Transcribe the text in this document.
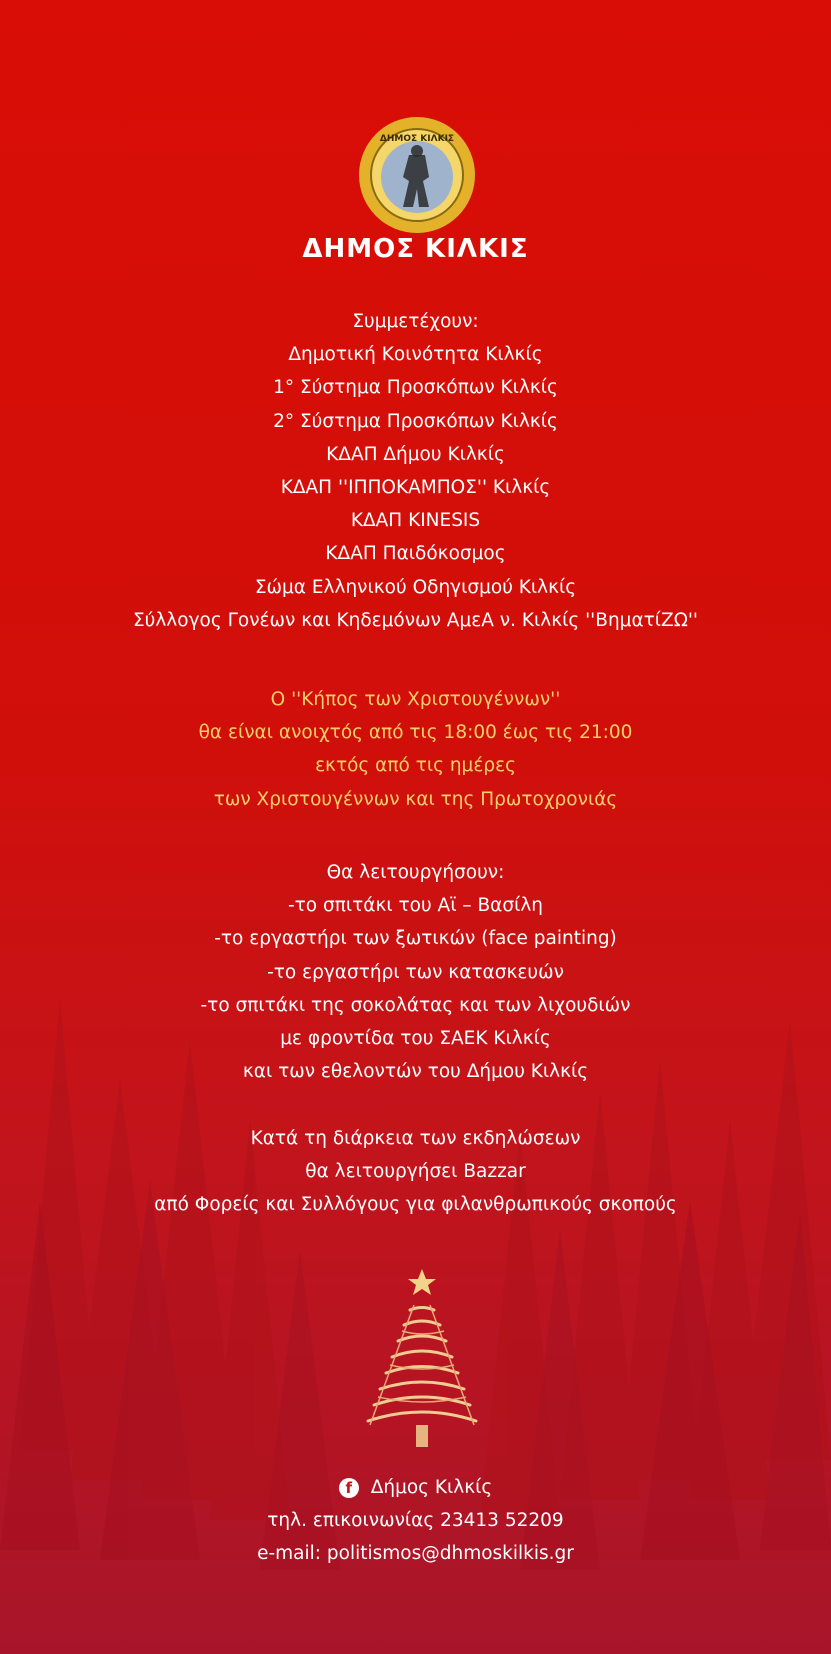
ΔΗΜΟΣ ΚΙΛΚΙΣ
ΔΗΜΟΣ ΚΙΛΚΙΣ
Συμμετέχουν:
Δημοτική Κοινότητα Κιλκίς
1° Σύστημα Προσκόπων Κιλκίς
2° Σύστημα Προσκόπων Κιλκίς
ΚΔΑΠ Δήμου Κιλκίς
ΚΔΑΠ ''ΙΠΠΟΚΑΜΠΟΣ'' Κιλκίς
ΚΔΑΠ KINESIS
ΚΔΑΠ Παιδόκοσμος
Σώμα Ελληνικού Οδηγισμού Κιλκίς
Σύλλογος Γονέων και Κηδεμόνων ΑμεΑ ν. Κιλκίς ''ΒηματίΖΩ''
Ο ''Κήπος των Χριστουγέννων''
θα είναι ανοιχτός από τις 18:00 έως τις 21:00
εκτός από τις ημέρες
των Χριστουγέννων και της Πρωτοχρονιάς
Θα λειτουργήσουν:
-το σπιτάκι του Αϊ – Βασίλη
-το εργαστήρι των ξωτικών (face painting)
-το εργαστήρι των κατασκευών
-το σπιτάκι της σοκολάτας και των λιχουδιών
με φροντίδα του ΣΑΕΚ Κιλκίς
και των εθελοντών του Δήμου Κιλκίς
Κατά τη διάρκεια των εκδηλώσεων
θα λειτουργήσει Bazzar
από Φορείς και Συλλόγους για φιλανθρωπικούς σκοπούς
f	Δήμος Κιλκίς
τηλ. επικοινωνίας 23413 52209
e-mail: politismos@dhmoskilkis.gr
